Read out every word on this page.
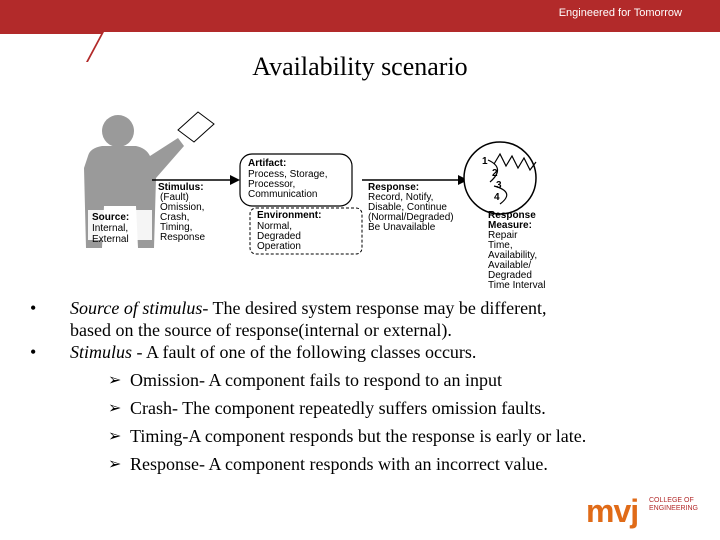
Engineered for Tomorrow
Availability scenario
Source:
Internal,
External
Stimulus:
(Fault)
Omission,
Crash,
Timing,
Response
Artifact:
Process, Storage,
Processor,
Communication
Environment:
Normal,
Degraded
Operation
Response:
Record, Notify,
Disable, Continue
(Normal/Degraded)
Be Unavailable
1
2
3
4
Response
Measure:
Repair
Time,
Availability,
Available/
Degraded
Time Interval
• Source of stimulus- The desired system response may be different,
based on the source of response(internal or external).
• Stimulus - A fault of one of the following classes occurs.
➢ Omission- A component fails to respond to an input
➢ Crash- The component repeatedly suffers omission faults.
➢ Timing-A component responds but the response is early or late.
➢ Response- A component responds with an incorrect value.
mvj COLLEGE OF
ENGINEERING
